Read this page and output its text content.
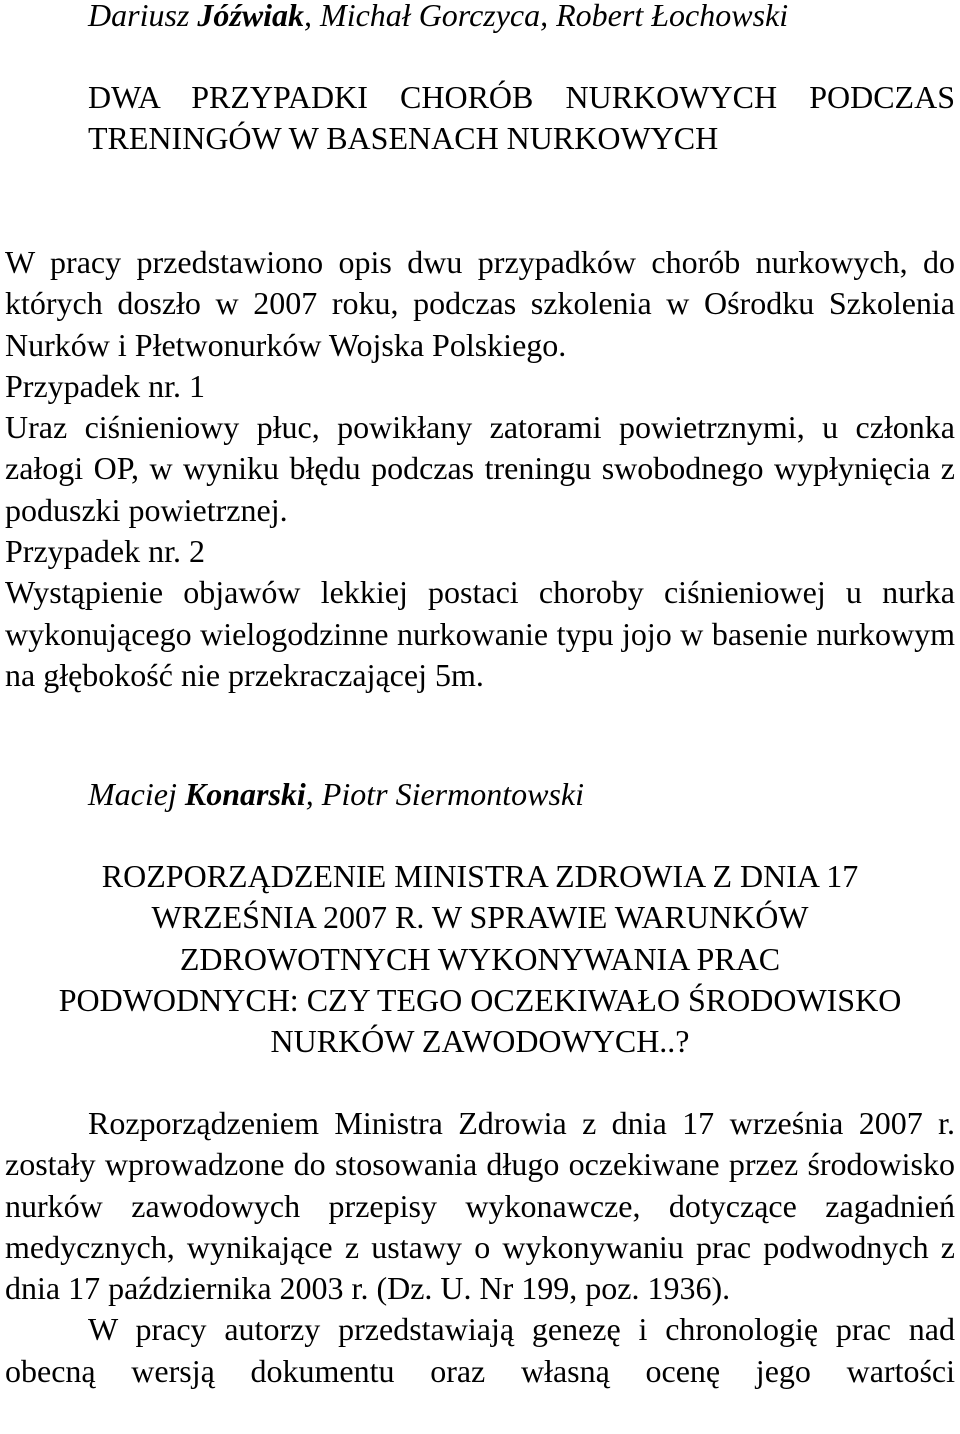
Dariusz Jóźwiak, Michał Gorczyca, Robert Łochowski
DWA PRZYPADKI CHORÓB NURKOWYCH PODCZAS TRENINGÓW W BASENACH NURKOWYCH

W pracy przedstawiono opis dwu przypadków chorób nurkowych, do których doszło w 2007 roku, podczas szkolenia w Ośrodku Szkolenia Nurków i Płetwonurków Wojska Polskiego.

Przypadek nr. 1

Uraz ciśnieniowy płuc, powikłany zatorami powietrznymi, u członka załogi OP, w wyniku błędu podczas treningu swobodnego wypłynięcia z poduszki powietrznej.

Przypadek nr. 2

Wystąpienie objawów lekkiej postaci choroby ciśnieniowej u nurka wykonującego wielogodzinne nurkowanie typu jojo w basenie nurkowym na głębokość nie przekraczającej 5m.

Maciej Konarski, Piotr Siermontowski
ROZPORZĄDZENIE MINISTRA ZDROWIA Z DNIA 17
WRZEŚNIA 2007 R. W SPRAWIE WARUNKÓW
ZDROWOTNYCH WYKONYWANIA PRAC
PODWODNYCH: CZY TEGO OCZEKIWAŁO ŚRODOWISKO
NURKÓW ZAWODOWYCH..?

Rozporządzeniem Ministra Zdrowia z dnia 17 września 2007 r. zostały wprowadzone do stosowania długo oczekiwane przez środowisko nurków zawodowych przepisy wykonawcze, dotyczące zagadnień medycznych, wynikające z ustawy o wykonywaniu prac podwodnych z dnia 17 października 2003 r. (Dz. U. Nr 199, poz. 1936).

W pracy autorzy przedstawiają genezę i chronologię prac nad obecną wersją dokumentu oraz własną ocenę jego wartości
